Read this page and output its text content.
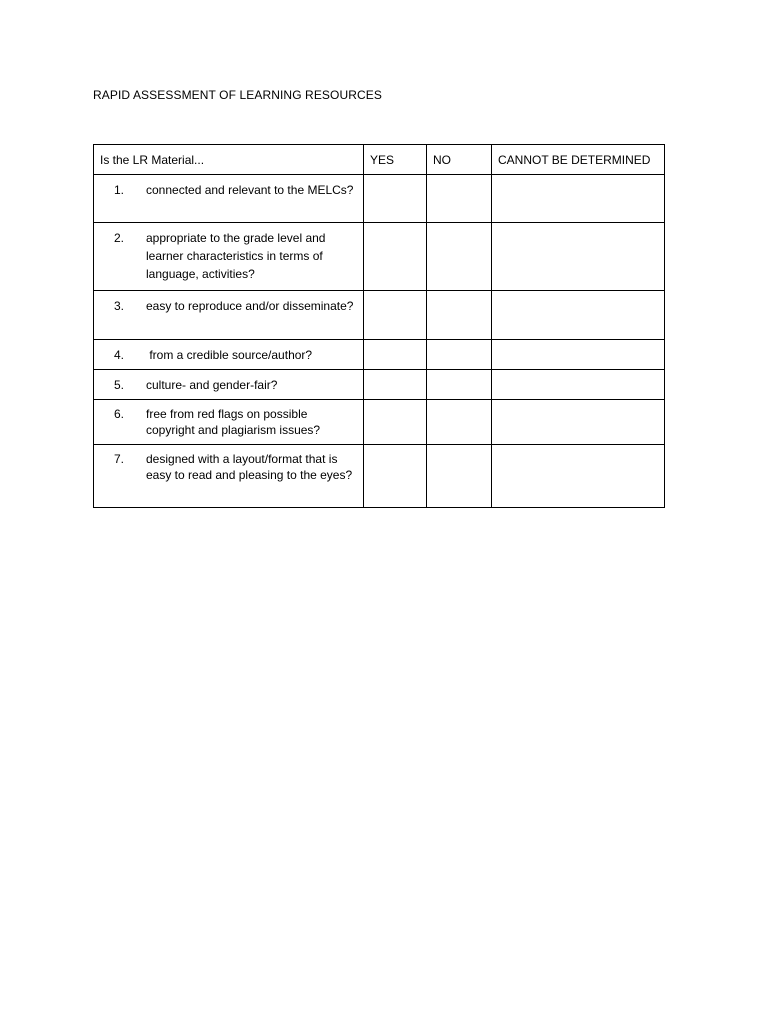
RAPID ASSESSMENT OF LEARNING RESOURCES
Is the LR Material...	YES	NO	CANNOT BE DETERMINED

1. connected and relevant to the MELCs?			

2. appropriate to the grade level and learner characteristics in terms of language, activities?			

3. easy to reproduce and/or disseminate?			

4. from a credible source/author?			

5. culture- and gender-fair?			

6. free from red flags on possible copyright and plagiarism issues?			

7. designed with a layout/format that is easy to read and pleasing to the eyes?			
